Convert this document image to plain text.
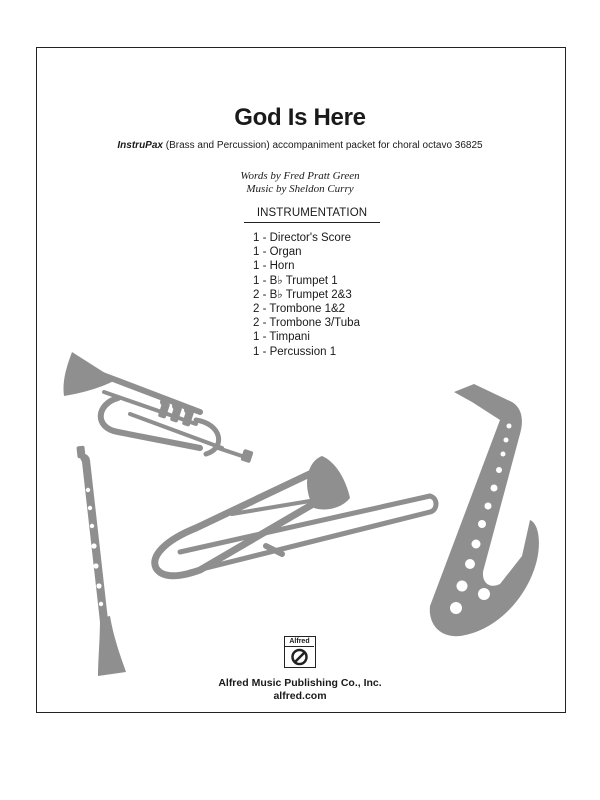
God Is Here
InstruPax (Brass and Percussion) accompaniment packet for choral octavo 36825
Words by Fred Pratt Green
Music by Sheldon Curry
INSTRUMENTATION
1 - Director's Score
1 - Organ
1 - Horn
1 - B♭ Trumpet 1
2 - B♭ Trumpet 2&3
2 - Trombone 1&2
2 - Trombone 3/Tuba
1 - Timpani
1 - Percussion 1
Alfred
Alfred Music Publishing Co., Inc.
alfred.com
